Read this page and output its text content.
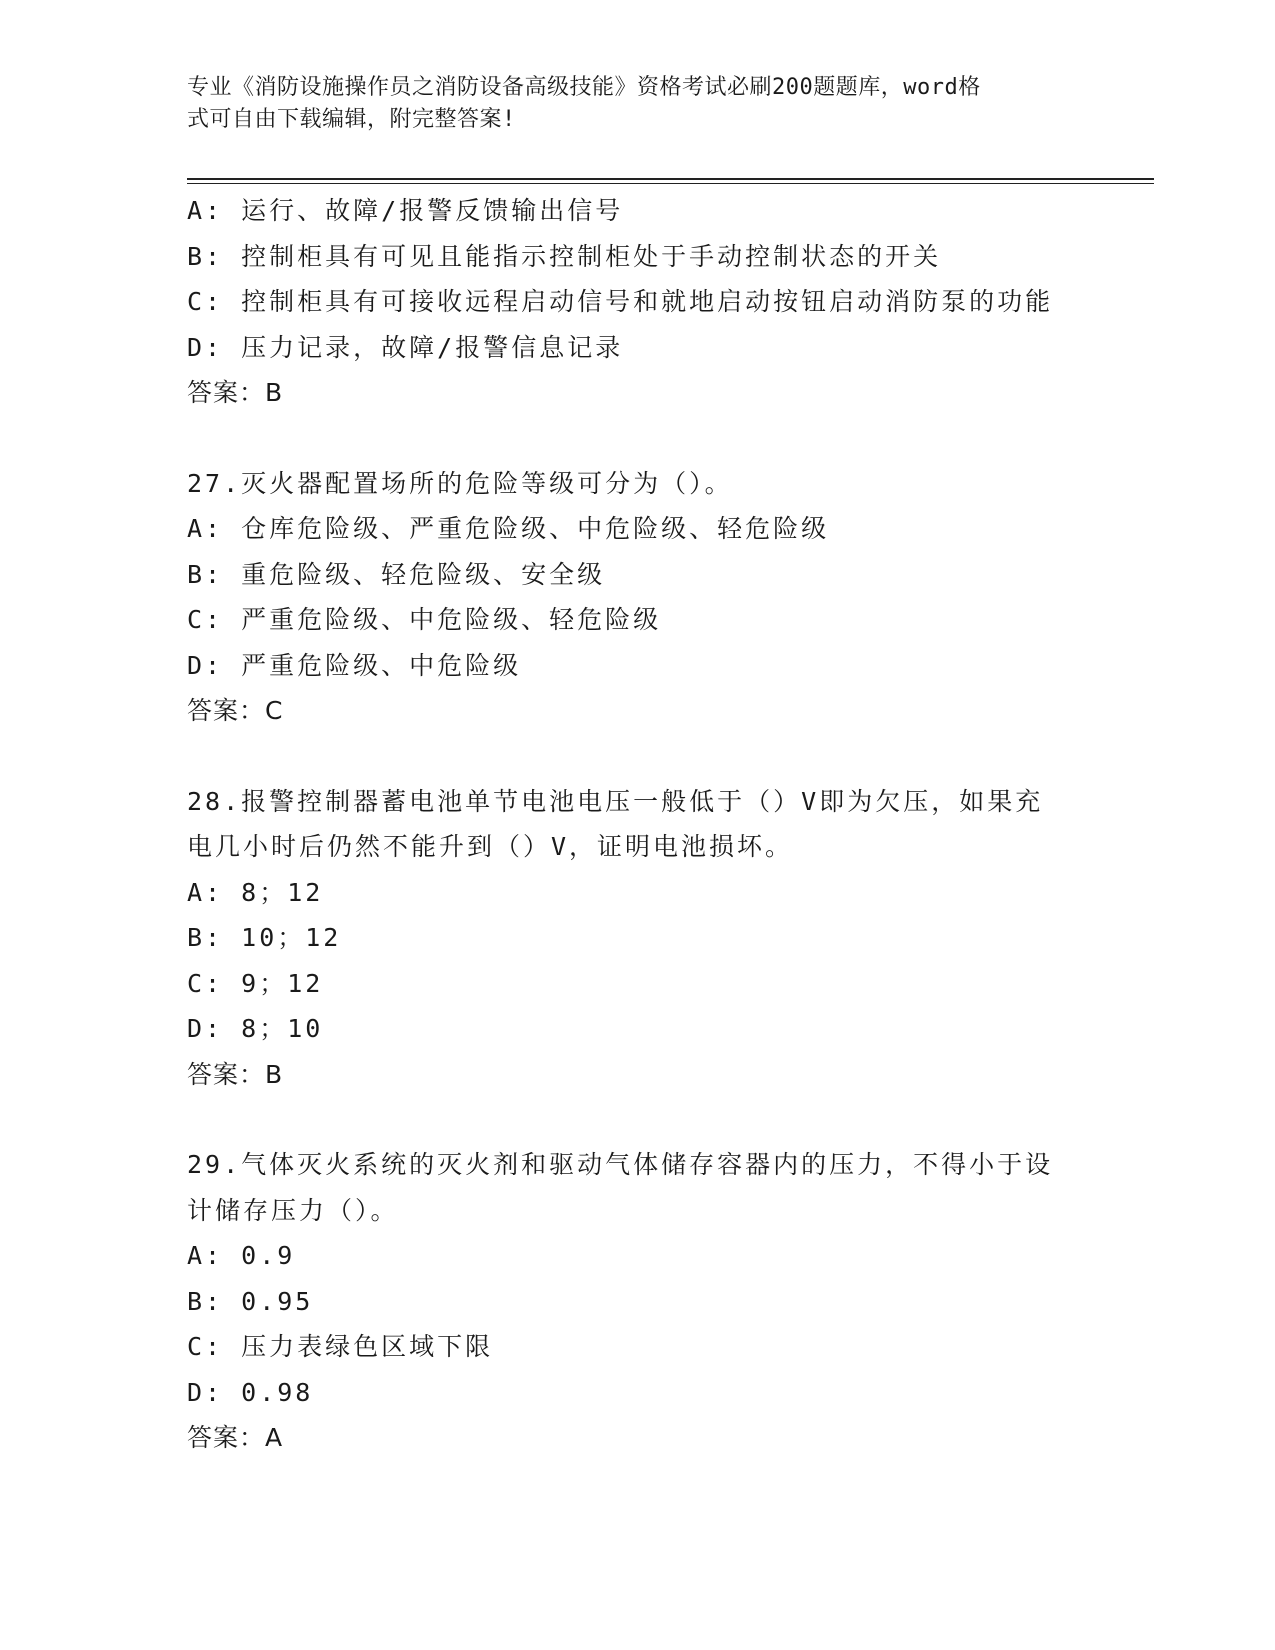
专业《消防设施操作员之消防设备高级技能》资格考试必刷200题题库，word格
式可自由下载编辑，附完整答案!
A: 运行、故障/报警反馈输出信号
B: 控制柜具有可见且能指示控制柜处于手动控制状态的开关
C: 控制柜具有可接收远程启动信号和就地启动按钮启动消防泵的功能
D: 压力记录，故障/报警信息记录
答案：B
27.灭火器配置场所的危险等级可分为（）。
A: 仓库危险级、严重危险级、中危险级、轻危险级
B: 重危险级、轻危险级、安全级
C: 严重危险级、中危险级、轻危险级
D: 严重危险级、中危险级
答案：C
28.报警控制器蓄电池单节电池电压一般低于（）V即为欠压，如果充
电几小时后仍然不能升到（）V，证明电池损坏。
A: 8；12
B: 10；12
C: 9；12
D: 8；10
答案：B
29.气体灭火系统的灭火剂和驱动气体储存容器内的压力，不得小于设
计储存压力（）。
A: 0.9
B: 0.95
C: 压力表绿色区域下限
D: 0.98
答案：A
